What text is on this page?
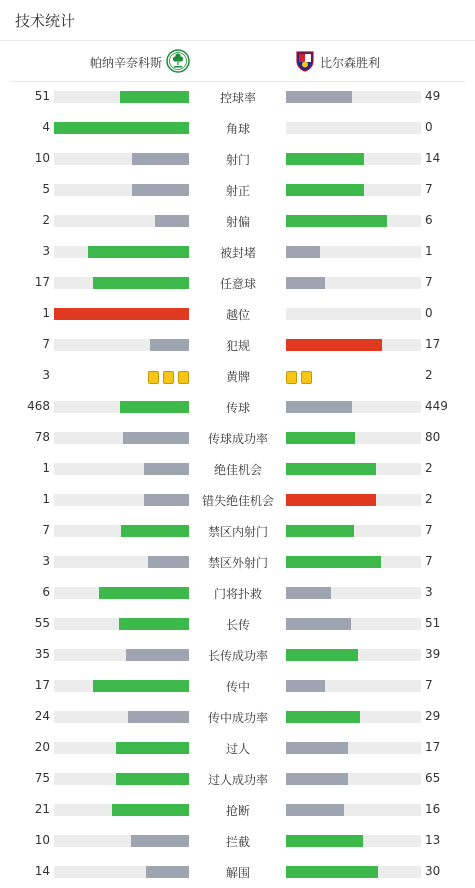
技术统计
帕纳辛奈科斯	比尔森胜利
51	控球率	49
4	角球	0
10	射门	14
5	射正	7
2	射偏	6
3	被封堵	1
17	任意球	7
1	越位	0
7	犯规	17
3	黄牌	2
468	传球	449
78	传球成功率	80
1	绝佳机会	2
1	错失绝佳机会	2
7	禁区内射门	7
3	禁区外射门	7
6	门将扑救	3
55	长传	51
35	长传成功率	39
17	传中	7
24	传中成功率	29
20	过人	17
75	过人成功率	65
21	抢断	16
10	拦截	13
14	解围	30
